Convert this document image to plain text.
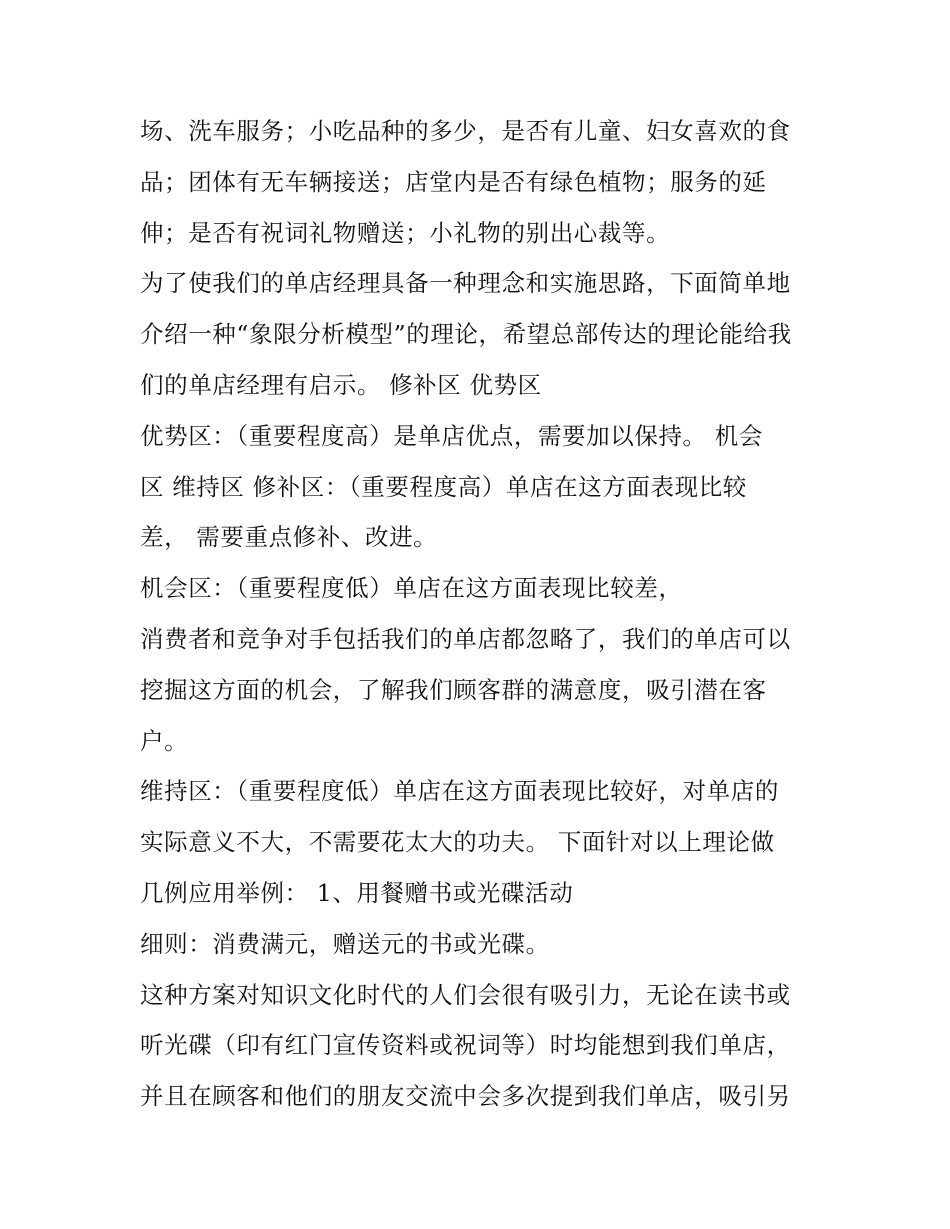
场、洗车服务；小吃品种的多少，是否有儿童、妇女喜欢的食
品；团体有无车辆接送；店堂内是否有绿色植物；服务的延
伸；是否有祝词礼物赠送；小礼物的别出心裁等。
为了使我们的单店经理具备一种理念和实施思路，下面简单地
介绍一种“象限分析模型”的理论，希望总部传达的理论能给我
们的单店经理有启示。 修补区 优势区
优势区：（重要程度高）是单店优点，需要加以保持。 机会
区 维持区 修补区：（重要程度高）单店在这方面表现比较
差， 需要重点修补、改进。
机会区：（重要程度低）单店在这方面表现比较差，
消费者和竞争对手包括我们的单店都忽略了，我们的单店可以
挖掘这方面的机会，了解我们顾客群的满意度，吸引潜在客
户。
维持区：（重要程度低）单店在这方面表现比较好，对单店的
实际意义不大，不需要花太大的功夫。 下面针对以上理论做
几例应用举例： 1、用餐赠书或光碟活动
细则：消费满元，赠送元的书或光碟。
这种方案对知识文化时代的人们会很有吸引力，无论在读书或
听光碟（印有红门宣传资料或祝词等）时均能想到我们单店，
并且在顾客和他们的朋友交流中会多次提到我们单店，吸引另
